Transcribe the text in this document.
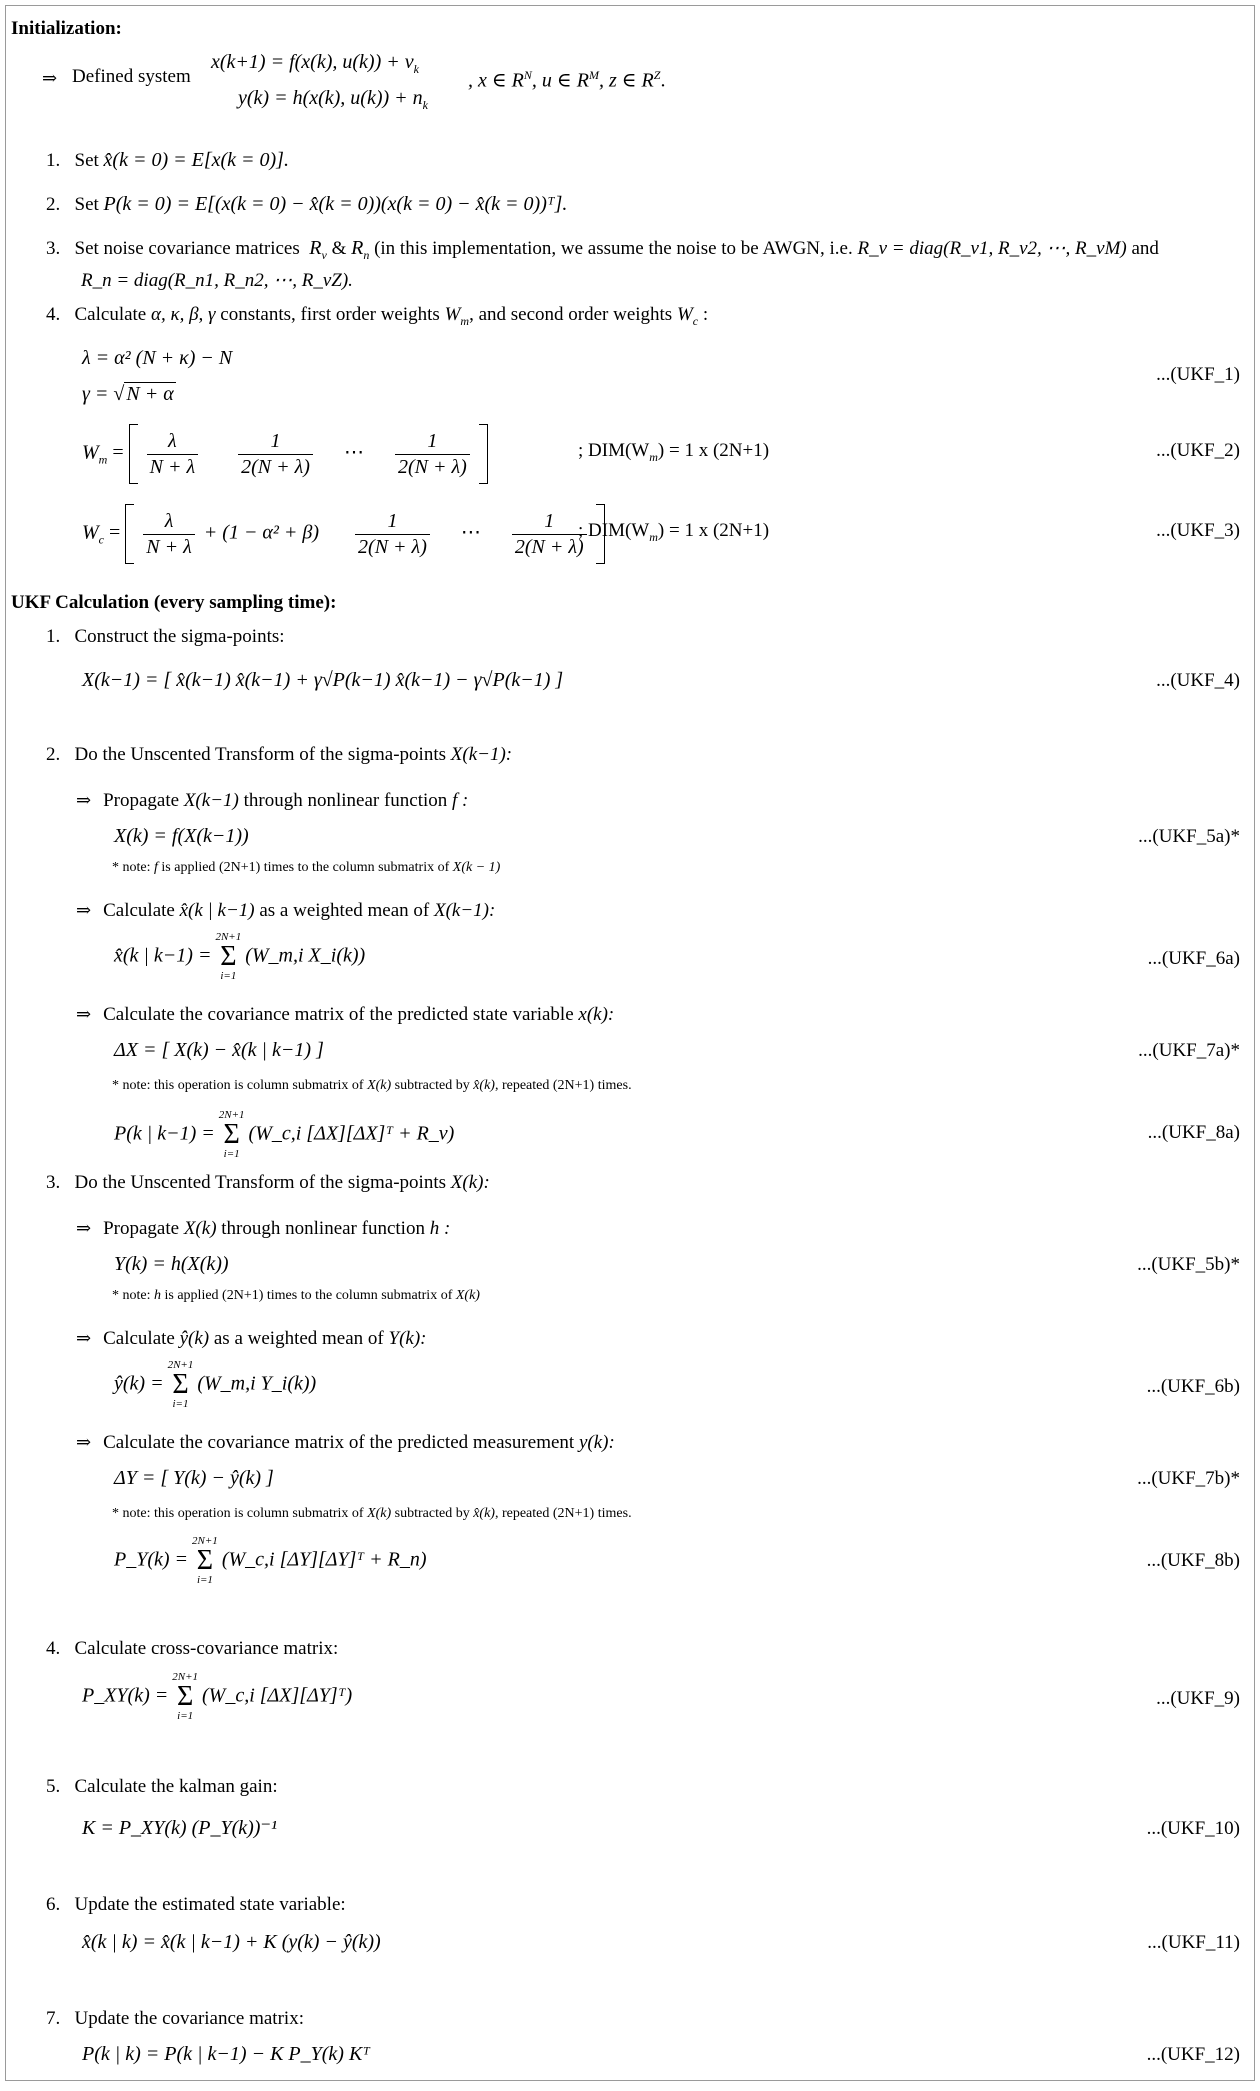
Initialization:
⇒ Defined system
x(k+1) = f(x(k), $u(k)) + v_k$
y(k) = h(x(k), $u(k)) + n_k$
, x ∈ $R^N$, u ∈ $R^M$, z ∈ $R^Z$.
1. Set x̂(k = 0) = E[x(k = 0)].
2. Set P(k = 0) = E[(x(k = 0) − x̂(k = 0))(x(k = 0) − x̂(k = 0))ᵀ].
3. Set noise covariance matrices $R_v$ & $R_n$ (in this implementation, we assume the noise to be AWGN, i.e. R_v = diag(R_v1, R_v2, ⋯, R_vM) and
R_n = diag(R_n1, R_n2, ⋯, R_vZ).
4. Calculate α, κ, β, γ constants, first order weights $W_m$, and second order weights $W_c$ :
λ = α² (N + κ) − N
γ = √ N + α
...(UKF_1)
$W_m = \frac{\lambda}{N + \lambda}$
$\frac{1}{2(N + \lambda)}$ ⋯ $\frac{1}{2(N + \lambda)}$
	; $DIM(W_m) = 1$ x (2N+1)	...(UKF_2)
$W_c = \frac{\lambda}{N + \lambda} + (1 - \alpha^2 + \beta) \frac{1}{2(N + \lambda)}$ ⋯ $\frac{1}{2(N + \lambda)}$

; $DIM(W_m) = 1$ x (2N+1)	...(UKF_3)
UKF Calculation (every sampling time):
1. Construct the sigma-points:
X(k−1) = [ x̂(k−1) x̂(k−1) + γ√P(k−1) x̂(k−1) − γ√P(k−1) ]	...(UKF_4)
2. Do the Unscented Transform of the sigma-points X(k−1):
⇒ Propagate X(k−1) through nonlinear function f :
X(k) = f(X(k−1))	...(UKF_5a)*
* note: f is applied (2N+1) times to the column submatrix of X(k − 1)
⇒ Calculate x̂(k | k−1) as a weighted mean of X(k−1):
x̂(k | k−1) =
2N+1
Σ
i=1
(W_m,i X_i(k))	...(UKF_6a)
⇒ Calculate the covariance matrix of the predicted state variable x(k):
ΔX = [ X(k) − x̂(k | k−1) ]	...(UKF_7a)*
* note: this operation is column submatrix of X(k) subtracted by x̂(k), repeated (2N+1) times.
P(k | k−1) =
2N+1
Σ
i=1
(W_c,i [ΔX][ΔX]ᵀ + R_v)	...(UKF_8a)
3. Do the Unscented Transform of the sigma-points X(k):
⇒ Propagate X(k) through nonlinear function h :
Y(k) = h(X(k))	...(UKF_5b)*
* note: h is applied (2N+1) times to the column submatrix of X(k)
⇒ Calculate ŷ(k) as a weighted mean of Y(k):
ŷ(k) =
2N+1
Σ
i=1
(W_m,i Y_i(k))	...(UKF_6b)
⇒ Calculate the covariance matrix of the predicted measurement y(k):
ΔY = [ Y(k) − ŷ(k) ]	...(UKF_7b)*
* note: this operation is column submatrix of X(k) subtracted by x̂(k), repeated (2N+1) times.
P_Y(k) =
2N+1
Σ
i=1
(W_c,i [ΔY][ΔY]ᵀ + R_n)	...(UKF_8b)
4. Calculate cross-covariance matrix:
P_XY(k) =
2N+1
Σ
i=1
(W_c,i [ΔX][ΔY]ᵀ)	...(UKF_9)
5. Calculate the kalman gain:
K = P_XY(k) (P_Y(k))⁻¹	...(UKF_10)
6. Update the estimated state variable:
x̂(k | k) = x̂(k | k−1) + K (y(k) − ŷ(k))	...(UKF_11)
7. Update the covariance matrix:
P(k | k) = P(k | k−1) − K P_Y(k) Kᵀ	...(UKF_12)
